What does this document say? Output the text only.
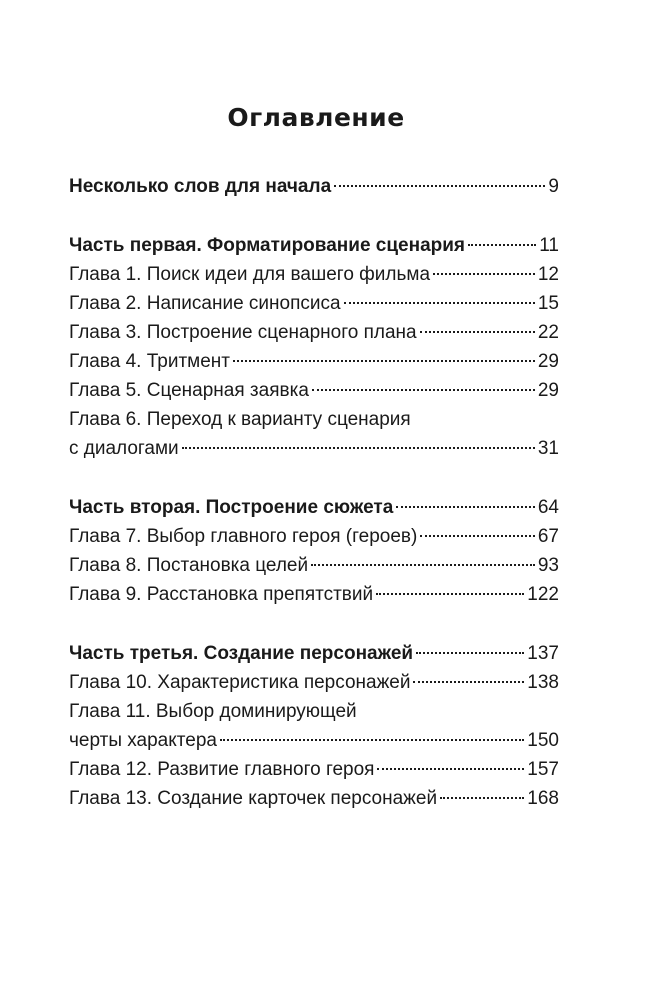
Оглавление
Несколько слов для начала	9
Часть первая. Форматирование сценария	11
Глава 1. Поиск идеи для вашего фильма	12
Глава 2. Написание синопсиса	15
Глава 3. Построение сценарного плана	22
Глава 4. Тритмент	29
Глава 5. Сценарная заявка	29
Глава 6. Переход к варианту сценария
с диалогами	31
Часть вторая. Построение сюжета	64
Глава 7. Выбор главного героя (героев)	67
Глава 8. Постановка целей	93
Глава 9. Расстановка препятствий	122
Часть третья. Создание персонажей	137
Глава 10. Характеристика персонажей	138
Глава 11. Выбор доминирующей
черты характера	150
Глава 12. Развитие главного героя	157
Глава 13. Создание карточек персонажей	168
